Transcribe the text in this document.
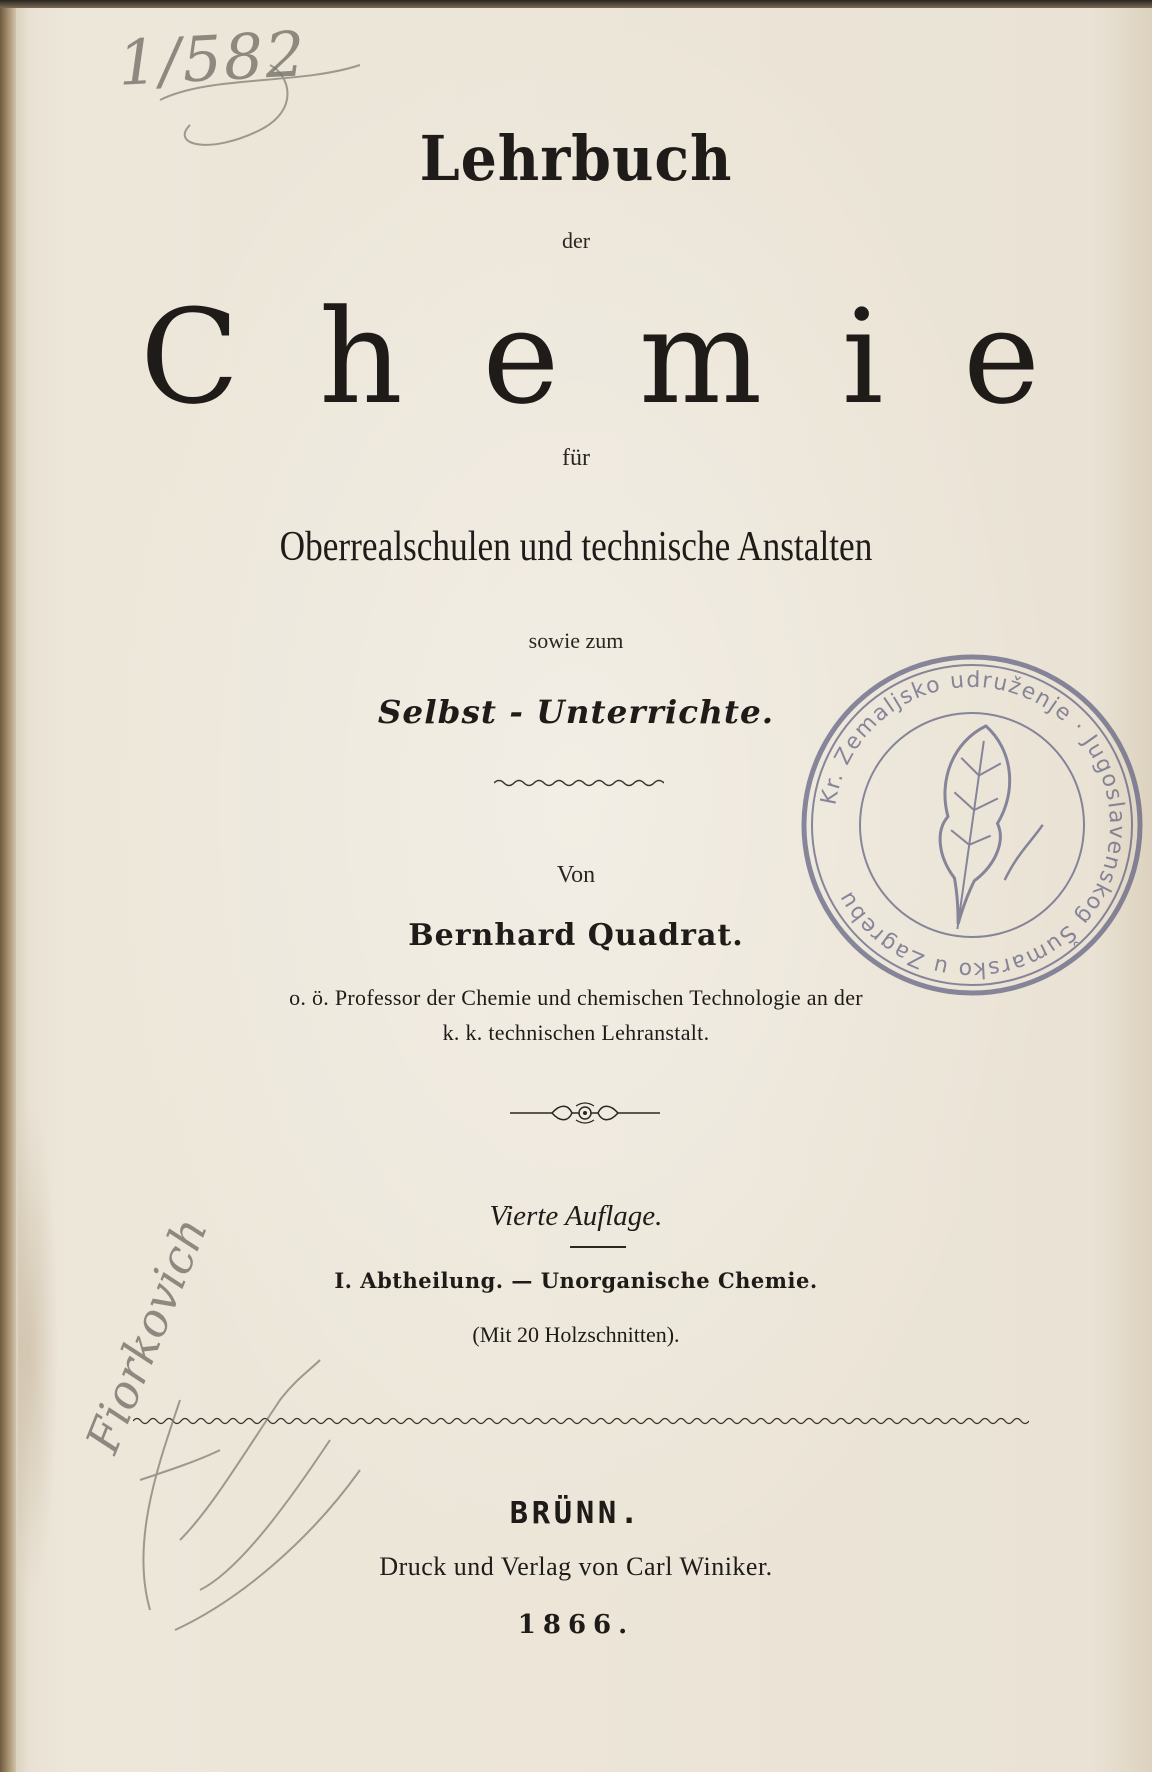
1/582
Lehrbuch
der
C h e m i e
für
Oberrealschulen und technische Anstalten
sowie zum
Selbst - Unterrichte.
Von
Bernhard Quadrat.
o. ö. Professor der Chemie und chemischen Technologie an der
k. k. technischen Lehranstalt.
Vierte Auflage.
I. Abtheilung. — Unorganische Chemie.
(Mit 20 Holzschnitten).
BRÜNN.
Druck und Verlag von Carl Winiker.
1866.
Fiorkovich
Kr. Zemaljsko udruženje · Jugoslavenskog Šumarsko u Zagrebu
